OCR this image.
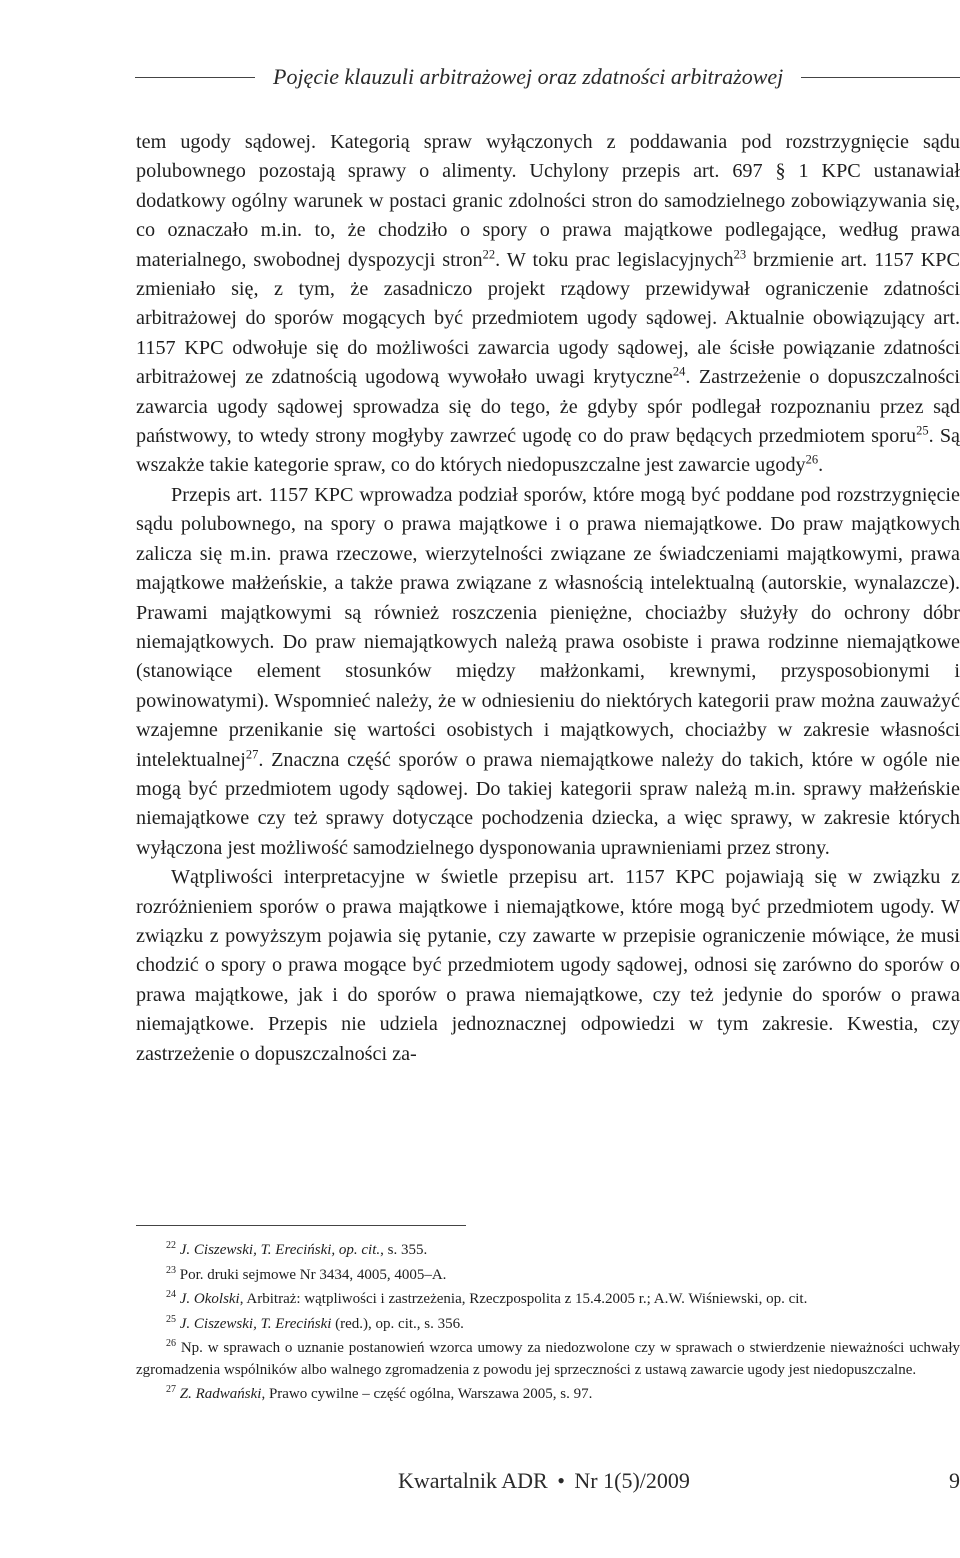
Pojęcie klauzuli arbitrażowej oraz zdatności arbitrażowej

tem ugody sądowej. Kategorią spraw wyłączonych z poddawania pod rozstrzygnięcie sądu polubownego pozostają sprawy o alimenty. Uchylony przepis art. 697 § 1 KPC ustanawiał dodatkowy ogólny warunek w postaci granic zdolności stron do samodzielnego zobowiązywania się, co oznaczało m.in. to, że chodziło o spory o prawa majątkowe podlegające, według prawa materialnego, swobodnej dyspozycji stron$^{22}$. W toku prac legislacyjnych$^{23}$ brzmienie art. 1157 KPC zmieniało się, z tym, że zasadniczo projekt rządowy przewidywał ograniczenie zdatności arbitrażowej do sporów mogących być przedmiotem ugody sądowej. Aktualnie obowiązujący art. 1157 KPC odwołuje się do możliwości zawarcia ugody sądowej, ale ścisłe powiązanie zdatności arbitrażowej ze zdatnością ugodową wywołało uwagi krytyczne$^{24}$. Zastrzeżenie o dopuszczalności zawarcia ugody sądowej sprowadza się do tego, że gdyby spór podlegał rozpoznaniu przez sąd państwowy, to wtedy strony mogłyby zawrzeć ugodę co do praw będących przedmiotem sporu$^{25}$. Są wszakże takie kategorie spraw, co do których niedopuszczalne jest zawarcie ugody$^{26}$.

Przepis art. 1157 KPC wprowadza podział sporów, które mogą być poddane pod rozstrzygnięcie sądu polubownego, na spory o prawa majątkowe i o prawa niemajątkowe. Do praw majątkowych zalicza się m.in. prawa rzeczowe, wierzytelności związane ze świadczeniami majątkowymi, prawa majątkowe małżeńskie, a także prawa związane z własnością intelektualną (autorskie, wynalazcze). Prawami majątkowymi są również roszczenia pieniężne, chociażby służyły do ochrony dóbr niemajątkowych. Do praw niemajątkowych należą prawa osobiste i prawa rodzinne niemajątkowe (stanowiące element stosunków między małżonkami, krewnymi, przysposobionymi i powinowatymi). Wspomnieć należy, że w odniesieniu do niektórych kategorii praw można zauważyć wzajemne przenikanie się wartości osobistych i majątkowych, chociażby w zakresie własności intelektualnej$^{27}$. Znaczna część sporów o prawa niemajątkowe należy do takich, które w ogóle nie mogą być przedmiotem ugody sądowej. Do takiej kategorii spraw należą m.in. sprawy małżeńskie niemajątkowe czy też sprawy dotyczące pochodzenia dziecka, a więc sprawy, w zakresie których wyłączona jest możliwość samodzielnego dysponowania uprawnieniami przez strony.

Wątpliwości interpretacyjne w świetle przepisu art. 1157 KPC pojawiają się w związku z rozróżnieniem sporów o prawa majątkowe i niemajątkowe, które mogą być przedmiotem ugody. W związku z powyższym pojawia się pytanie, czy zawarte w przepisie ograniczenie mówiące, że musi chodzić o spory o prawa mogące być przedmiotem ugody sądowej, odnosi się zarówno do sporów o prawa majątkowe, jak i do sporów o prawa niemajątkowe, czy też jedynie do sporów o prawa niemajątkowe. Przepis nie udziela jednoznacznej odpowiedzi w tym zakresie. Kwestia, czy zastrzeżenie o dopuszczalności za-

$^{22}$ J. Ciszewski, T. Ereciński, op. cit., s. 355.

$^{23}$ Por. druki sejmowe Nr 3434, 4005, 4005–A.

$^{24}$ J. Okolski, Arbitraż: wątpliwości i zastrzeżenia, Rzeczpospolita z 15.4.2005 r.; A.W. Wiśniewski, op. cit.

$^{25}$ J. Ciszewski, T. Ereciński (red.), op. cit., s. 356.

$^{26}$ Np. w sprawach o uznanie postanowień wzorca umowy za niedozwolone czy w sprawach o stwierdzenie nieważności uchwały zgromadzenia wspólników albo walnego zgromadzenia z powodu jej sprzeczności z ustawą zawarcie ugody jest niedopuszczalne.

$^{27}$ Z. Radwański, Prawo cywilne – część ogólna, Warszawa 2005, s. 97.

Kwartalnik ADR • Nr 1(5)/2009	9
